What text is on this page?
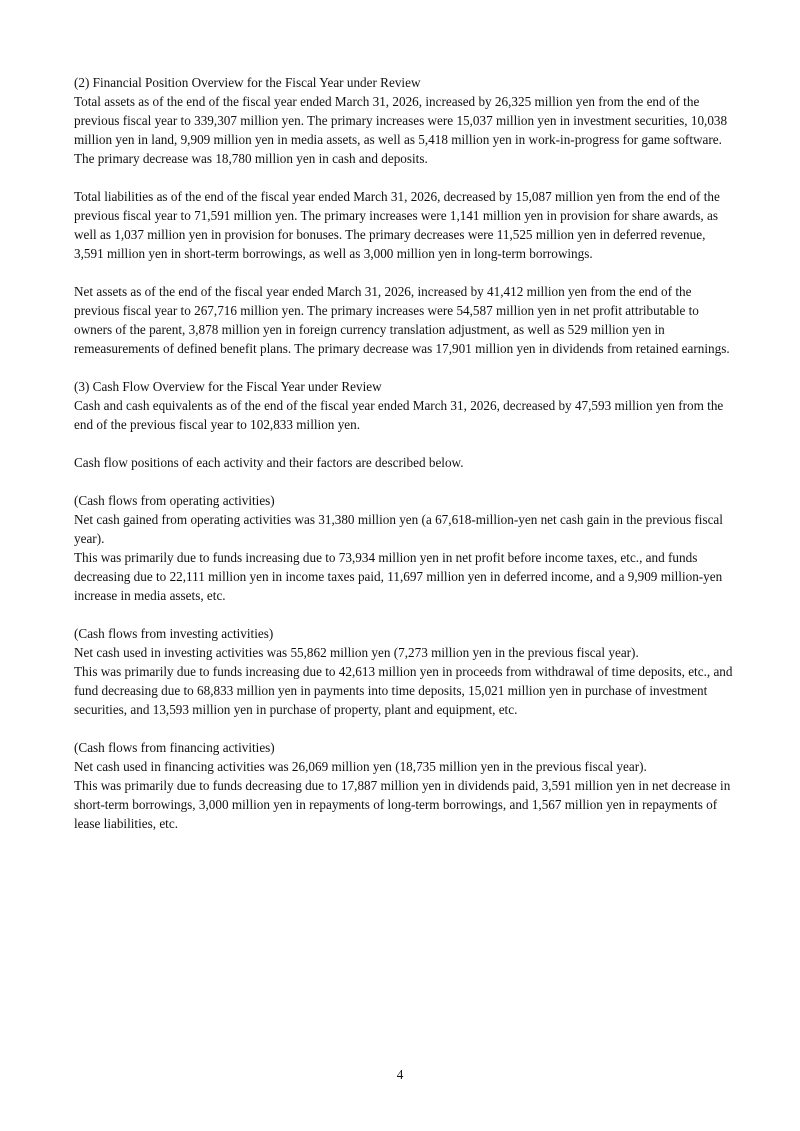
(2) Financial Position Overview for the Fiscal Year under Review

Total assets as of the end of the fiscal year ended March 31, 2026, increased by 26,325 million yen from the end of the previous fiscal year to 339,307 million yen. The primary increases were 15,037 million yen in investment securities, 10,038 million yen in land, 9,909 million yen in media assets, as well as 5,418 million yen in work-in-progress for game software. The primary decrease was 18,780 million yen in cash and deposits.

Total liabilities as of the end of the fiscal year ended March 31, 2026, decreased by 15,087 million yen from the end of the previous fiscal year to 71,591 million yen. The primary increases were 1,141 million yen in provision for share awards, as well as 1,037 million yen in provision for bonuses. The primary decreases were 11,525 million yen in deferred revenue, 3,591 million yen in short-term borrowings, as well as 3,000 million yen in long-term borrowings.

Net assets as of the end of the fiscal year ended March 31, 2026, increased by 41,412 million yen from the end of the previous fiscal year to 267,716 million yen. The primary increases were 54,587 million yen in net profit attributable to owners of the parent, 3,878 million yen in foreign currency translation adjustment, as well as 529 million yen in remeasurements of defined benefit plans. The primary decrease was 17,901 million yen in dividends from retained earnings.

(3) Cash Flow Overview for the Fiscal Year under Review

Cash and cash equivalents as of the end of the fiscal year ended March 31, 2026, decreased by 47,593 million yen from the end of the previous fiscal year to 102,833 million yen.

Cash flow positions of each activity and their factors are described below.

(Cash flows from operating activities)

Net cash gained from operating activities was 31,380 million yen (a 67,618-million-yen net cash gain in the previous fiscal year).

This was primarily due to funds increasing due to 73,934 million yen in net profit before income taxes, etc., and funds decreasing due to 22,111 million yen in income taxes paid, 11,697 million yen in deferred income, and a 9,909 million-yen increase in media assets, etc.

(Cash flows from investing activities)

Net cash used in investing activities was 55,862 million yen (7,273 million yen in the previous fiscal year).

This was primarily due to funds increasing due to 42,613 million yen in proceeds from withdrawal of time deposits, etc., and fund decreasing due to 68,833 million yen in payments into time deposits, 15,021 million yen in purchase of investment securities, and 13,593 million yen in purchase of property, plant and equipment, etc.

(Cash flows from financing activities)

Net cash used in financing activities was 26,069 million yen (18,735 million yen in the previous fiscal year).

This was primarily due to funds decreasing due to 17,887 million yen in dividends paid, 3,591 million yen in net decrease in short-term borrowings, 3,000 million yen in repayments of long-term borrowings, and 1,567 million yen in repayments of lease liabilities, etc.

4
